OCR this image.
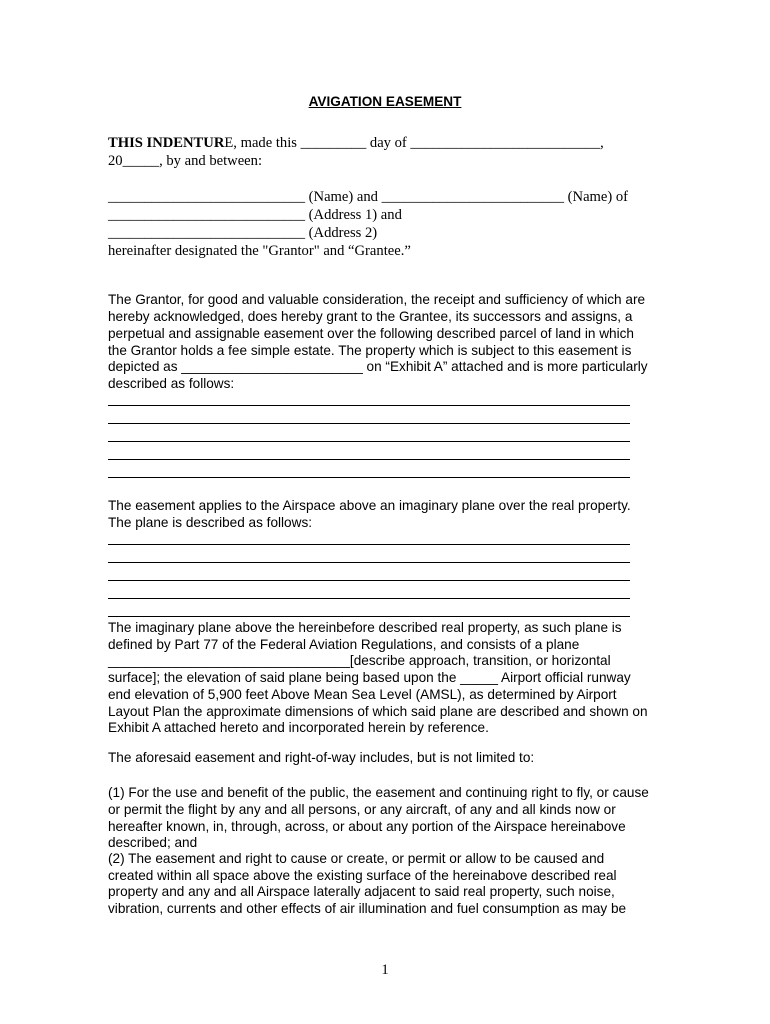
AVIGATION EASEMENT
THIS INDENTURE, made this _________ day of __________________________,
20_____, by and between:
1
___________________________ (Name) and _________________________ (Name) of
___________________________ (Address 1) and
___________________________ (Address 2)
hereinafter designated the "Grantor" and “Grantee.”
The Grantor, for good and valuable consideration, the receipt and sufficiency of which are
hereby acknowledged, does hereby grant to the Grantee, its successors and assigns, a
perpetual and assignable easement over the following described parcel of land in which
the Grantor holds a fee simple estate. The property which is subject to this easement is
depicted as ________________________ on “Exhibit A” attached and is more particularly
described as follows:
The easement applies to the Airspace above an imaginary plane over the real property.
The plane is described as follows:
The imaginary plane above the hereinbefore described real property, as such plane is
defined by Part 77 of the Federal Aviation Regulations, and consists of a plane
________________________________[describe approach, transition, or horizontal
surface]; the elevation of said plane being based upon the _____ Airport official runway
end elevation of 5,900 feet Above Mean Sea Level (AMSL), as determined by Airport
Layout Plan the approximate dimensions of which said plane are described and shown on
Exhibit A attached hereto and incorporated herein by reference.
The aforesaid easement and right-of-way includes, but is not limited to:
(1) For the use and benefit of the public, the easement and continuing right to fly, or cause
or permit the flight by any and all persons, or any aircraft, of any and all kinds now or
hereafter known, in, through, across, or about any portion of the Airspace hereinabove
described; and
(2) The easement and right to cause or create, or permit or allow to be caused and
created within all space above the existing surface of the hereinabove described real
property and any and all Airspace laterally adjacent to said real property, such noise,
vibration, currents and other effects of air illumination and fuel consumption as may be
